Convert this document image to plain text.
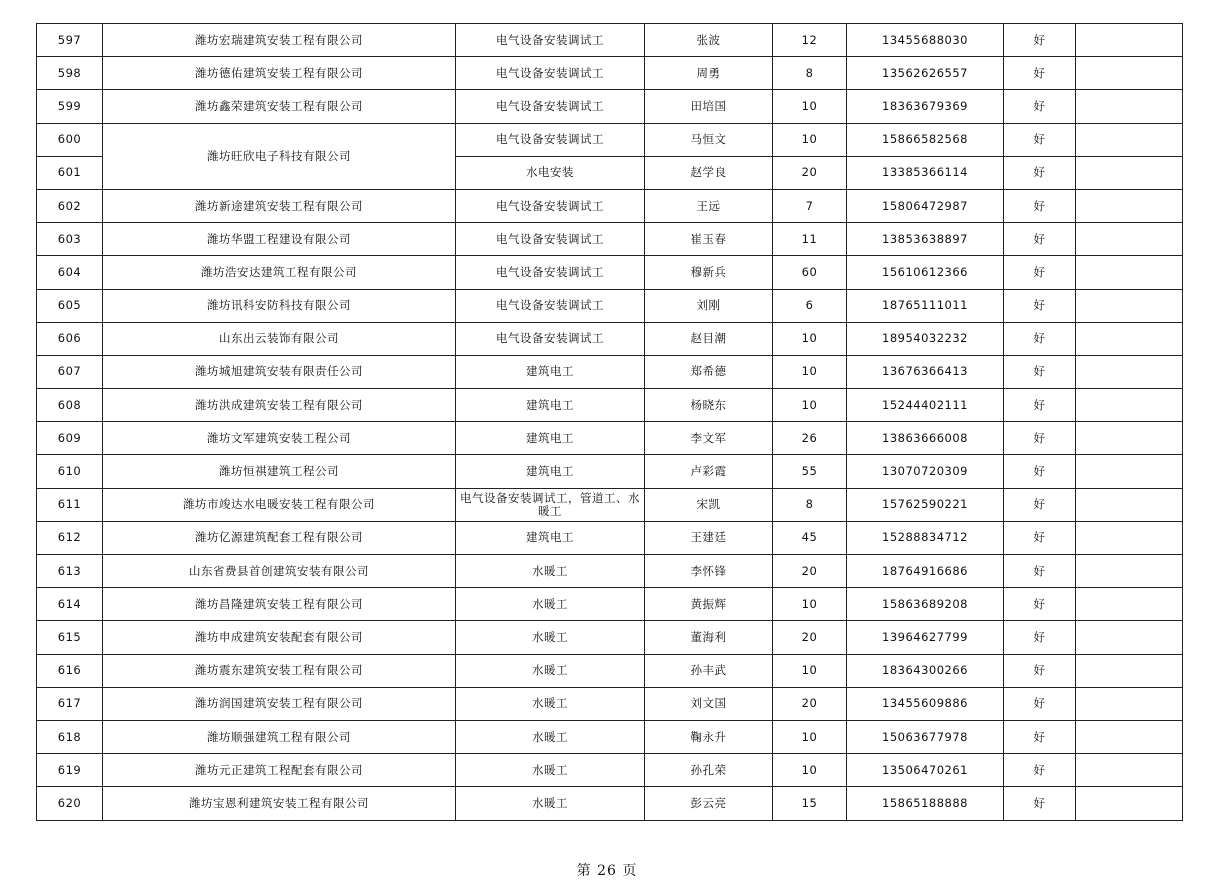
597	潍坊宏瑞建筑安装工程有限公司	电气设备安装调试工	张波	12	13455688030	好	
598	潍坊德佑建筑安装工程有限公司	电气设备安装调试工	周勇	8	13562626557	好	
599	潍坊鑫荣建筑安装工程有限公司	电气设备安装调试工	田培国	10	18363679369	好	
600	潍坊旺欣电子科技有限公司	电气设备安装调试工	马恒文	10	15866582568	好	
601		水电安装	赵学良	20	13385366114	好	
602	潍坊新途建筑安装工程有限公司	电气设备安装调试工	王远	7	15806472987	好	
603	潍坊华盟工程建设有限公司	电气设备安装调试工	崔玉春	11	13853638897	好	
604	潍坊浩安达建筑工程有限公司	电气设备安装调试工	穆新兵	60	15610612366	好	
605	潍坊讯科安防科技有限公司	电气设备安装调试工	刘刚	6	18765111011	好	
606	山东出云装饰有限公司	电气设备安装调试工	赵目潮	10	18954032232	好	
607	潍坊城旭建筑安装有限责任公司	建筑电工	郑希德	10	13676366413	好	
608	潍坊洪成建筑安装工程有限公司	建筑电工	杨晓东	10	15244402111	好	
609	潍坊文军建筑安装工程公司	建筑电工	李文军	26	13863666008	好	
610	潍坊恒祺建筑工程公司	建筑电工	卢彩霞	55	13070720309	好	
611	潍坊市竣达水电暖安装工程有限公司	电气设备安装调试工，管道工、水暖工	宋凯	8	15762590221	好	
612	潍坊亿源建筑配套工程有限公司	建筑电工	王建廷	45	15288834712	好	
613	山东省费县首创建筑安装有限公司	水暖工	李怀锋	20	18764916686	好	
614	潍坊昌隆建筑安装工程有限公司	水暖工	黄振辉	10	15863689208	好	
615	潍坊申成建筑安装配套有限公司	水暖工	董海利	20	13964627799	好	
616	潍坊震东建筑安装工程有限公司	水暖工	孙丰武	10	18364300266	好	
617	潍坊润国建筑安装工程有限公司	水暖工	刘文国	20	13455609886	好	
618	潍坊顺强建筑工程有限公司	水暖工	鞠永升	10	15063677978	好	
619	潍坊元正建筑工程配套有限公司	水暖工	孙孔荣	10	13506470261	好	
620	潍坊宝恩利建筑安装工程有限公司	水暖工	彭云亮	15	15865188888	好	
第 26 页
